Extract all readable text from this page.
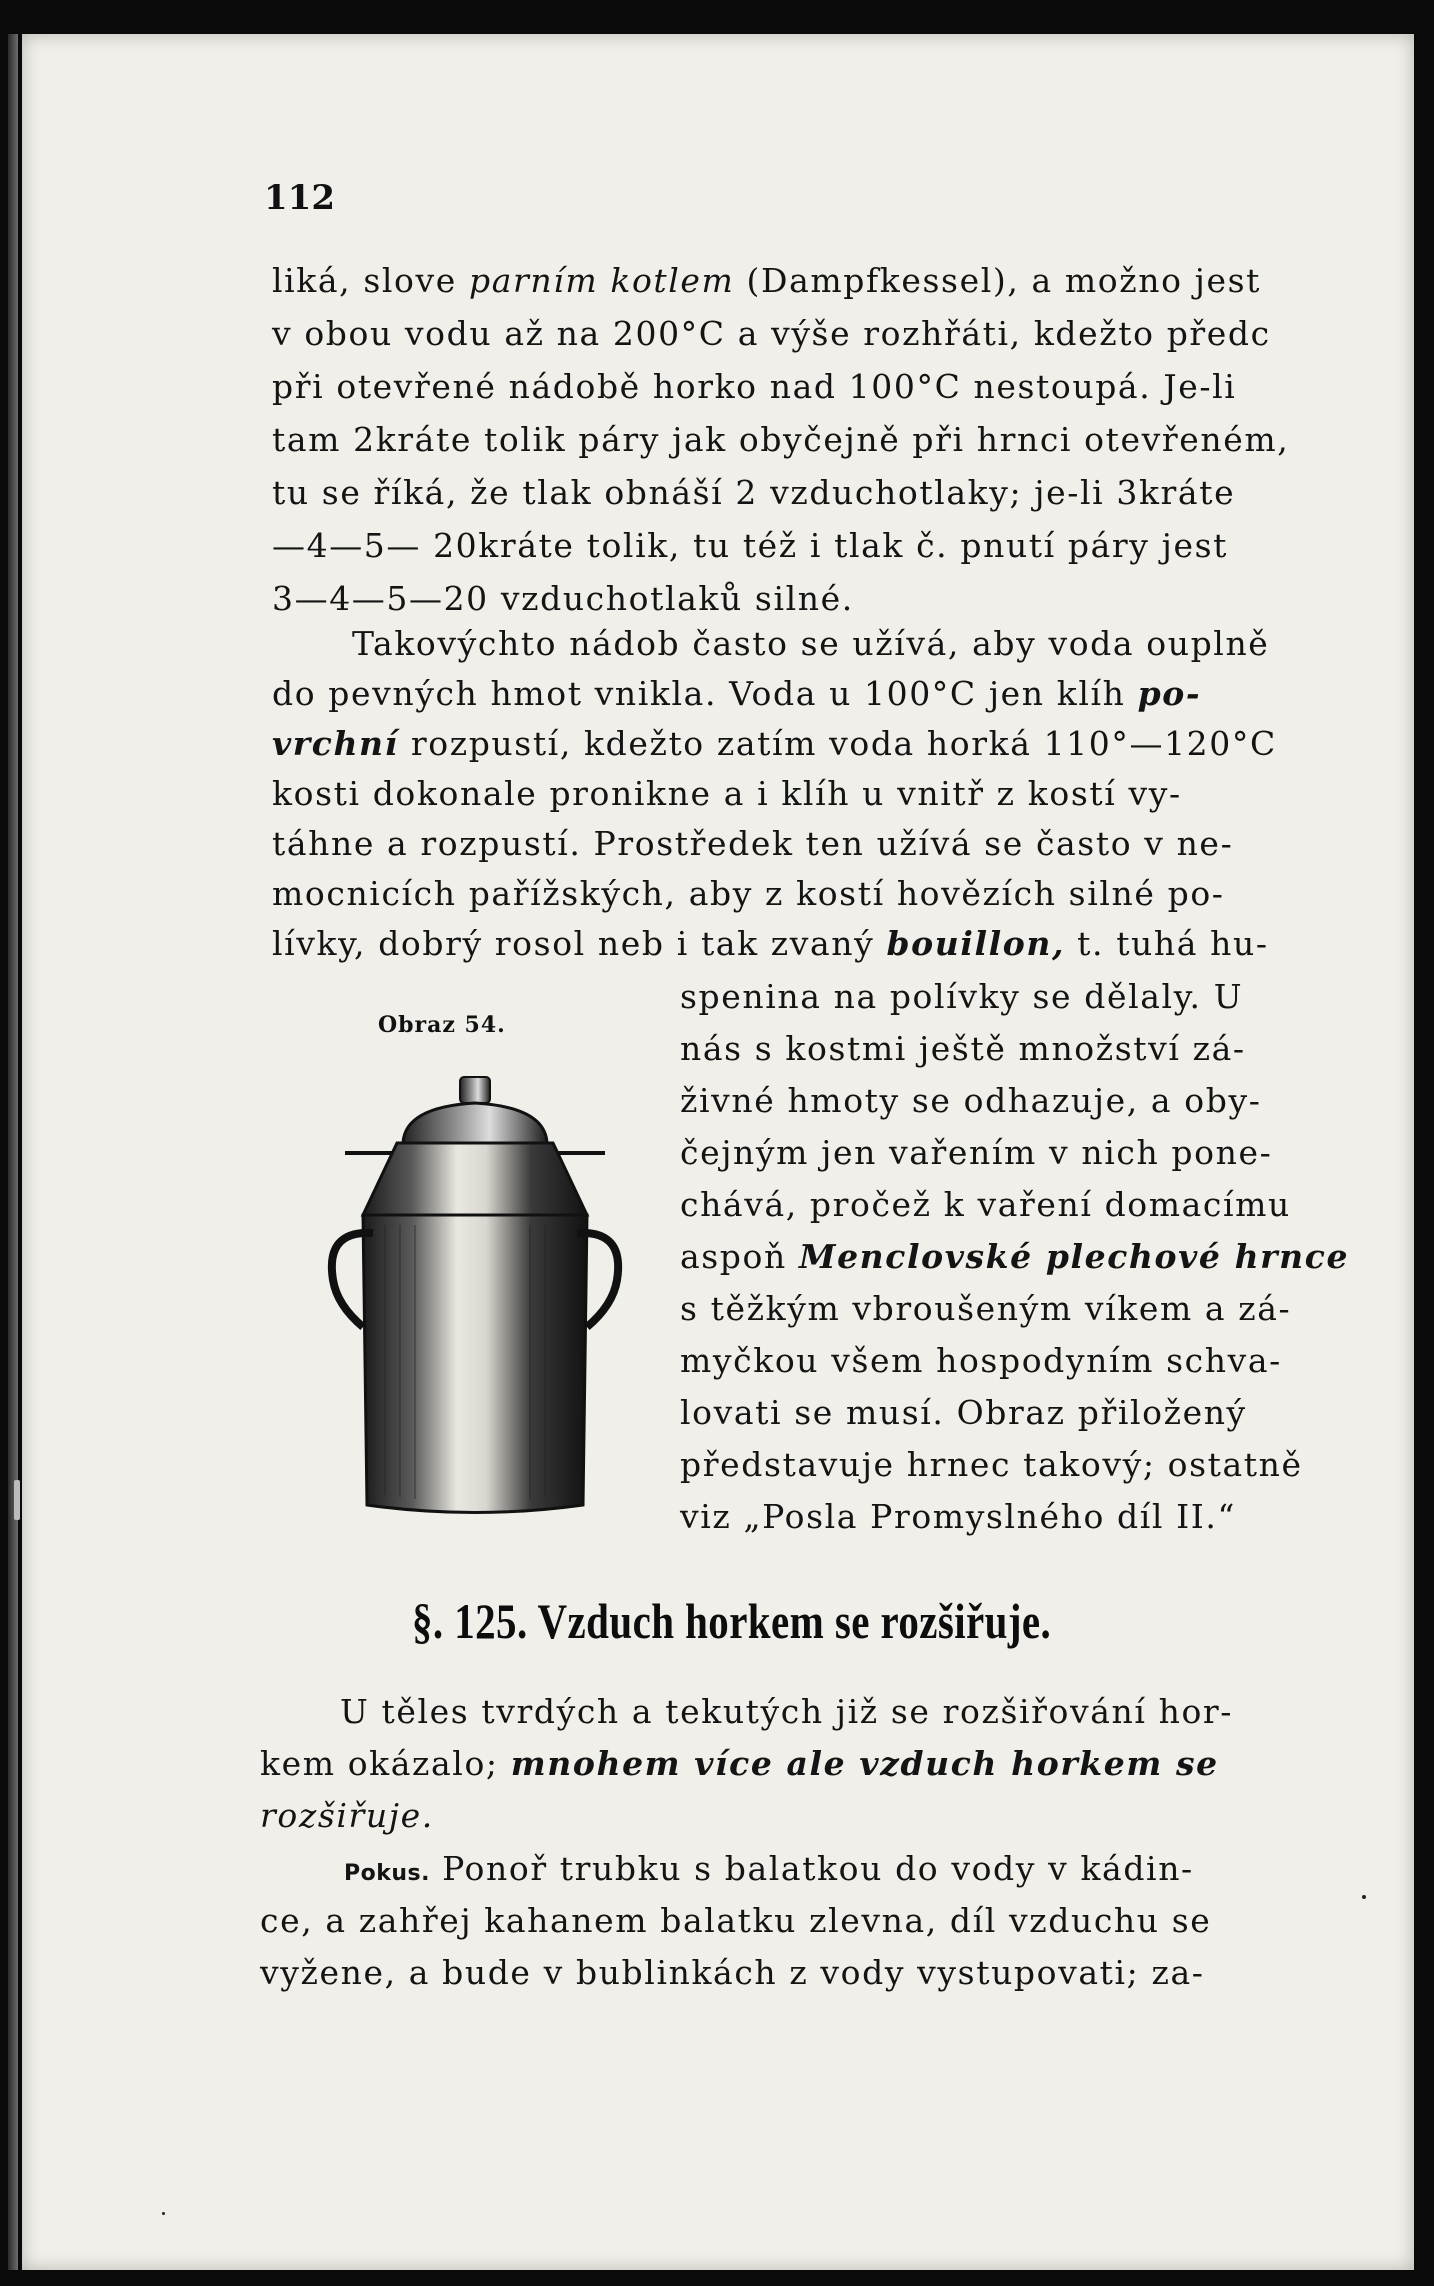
112
liká, slove parním kotlem (Dampfkessel), a možno jest
v obou vodu až na 200°C a výše rozhřáti, kdežto předc
při otevřené nádobě horko nad 100°C nestoupá. Je-li
tam 2kráte tolik páry jak obyčejně při hrnci otevřeném,
tu se říká, že tlak obnáší 2 vzduchotlaky; je-li 3kráte
—4—5— 20kráte tolik, tu též i tlak č. pnutí páry jest
3—4—5—20 vzduchotlaků silné.
Takovýchto nádob často se užívá, aby voda ouplně
do pevných hmot vnikla. Voda u 100°C jen klíh po-
vrchní rozpustí, kdežto zatím voda horká 110°—120°C
kosti dokonale pronikne a i klíh u vnitř z kostí vy-
táhne a rozpustí. Prostředek ten užívá se často v ne-
mocnicích pařížských, aby z kostí hovězích silné po-
lívky, dobrý rosol neb i tak zvaný bouillon, t. tuhá hu-
spenina na polívky se dělaly. U
nás s kostmi ještě množství zá-
živné hmoty se odhazuje, a oby-
čejným jen vařením v nich pone-
chává, pročež k vaření domacímu
aspoň Menclovské plechové hrnce
s těžkým vbroušeným víkem a zá-
myčkou všem hospodyním schva-
lovati se musí. Obraz přiložený
představuje hrnec takový; ostatně
viz „Posla Promyslného díl II.“
Obraz 54.
§. 125. Vzduch horkem se rozšiřuje.
U těles tvrdých a tekutých již se rozšiřování hor-
kem okázalo; mnohem více ale vzduch horkem se
rozšiřuje.
Pokus. Ponoř trubku s balatkou do vody v kádin-
ce, a zahřej kahanem balatku zlevna, díl vzduchu se
vyžene, a bude v bublinkách z vody vystupovati; za-
